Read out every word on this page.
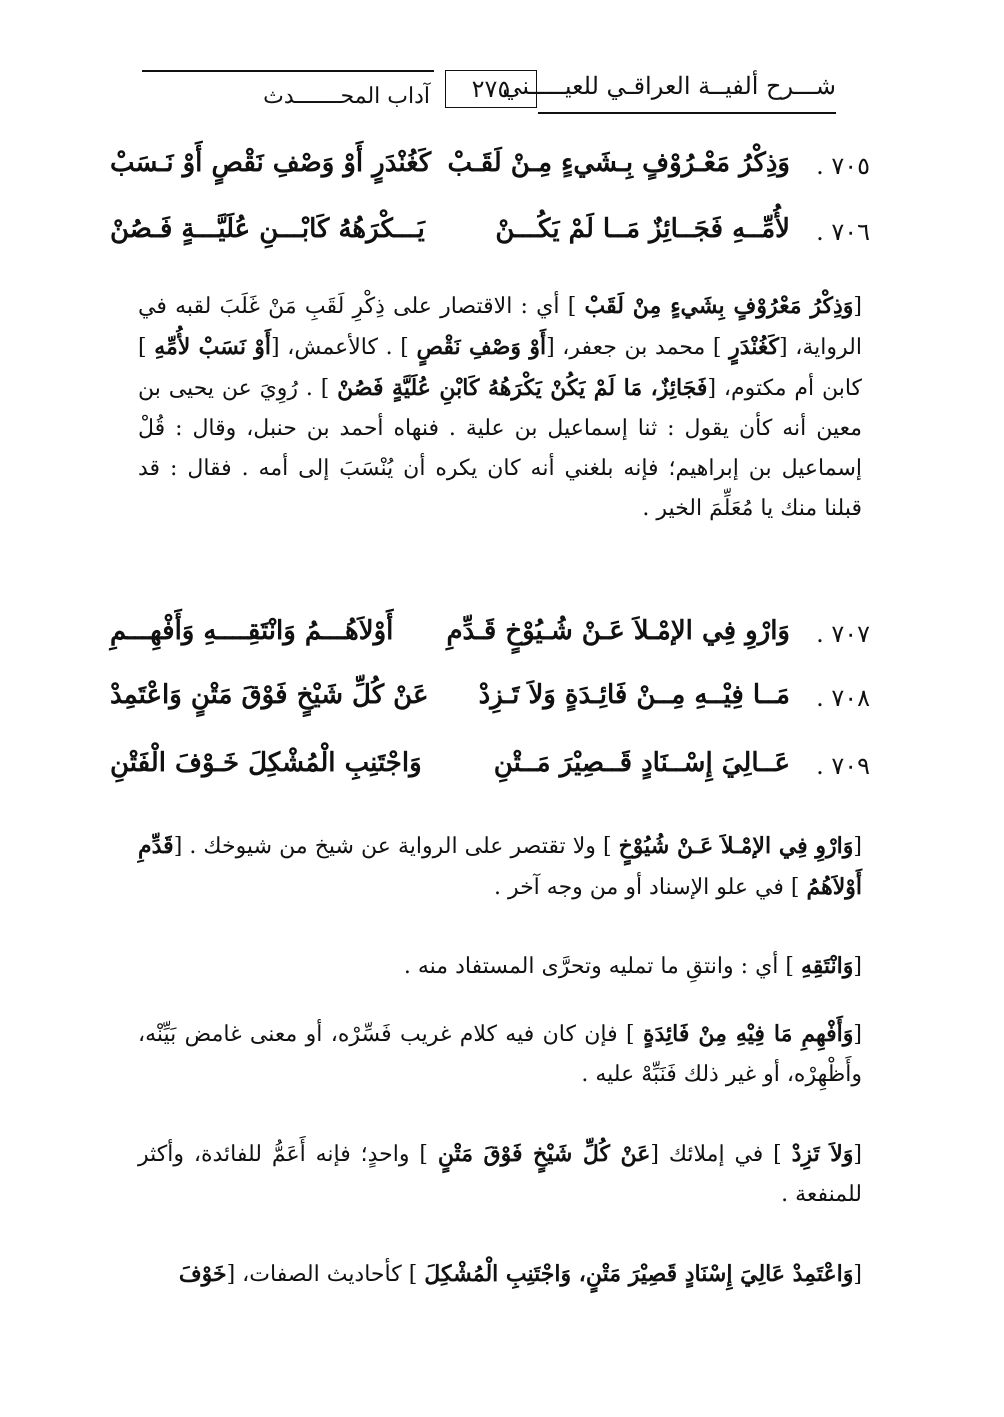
شـــرح ألفيــة العراقـي للعيـــــني
٢٧٥
آداب المحـــــــدث
٧٠٥ .
وَذِكْرُ مَعْـرُوْفٍ بِـشَيءٍ مِـنْ لَقَـبْ
كَغُنْدَرٍ أَوْ وَصْفِ نَقْصٍ أَوْ نَـسَبْ
٧٠٦ .
لأُمِّــهِ فَجَــائِزٌ مَــا لَمْ يَكُـــنْ
يَـــكْرَهُهُ كَابْـــنِ عُلَيَّـــةٍ فَـصُنْ

[وَذِكْرُ مَعْرُوْفٍ بِشَيءٍ مِنْ لَقَبْ ] أي : الاقتصار على ذِكْرِ لَقَبِ مَنْ غَلَبَ لقبه في الرواية، [كَغُنْدَرٍ ] محمد بن جعفر، [أَوْ وَصْفِ نَقْصٍ ] . كالأعمش، [أَوْ نَسَبْ لأُمِّهِ ] كابن أم مكتوم، [فَجَائِزٌ، مَا لَمْ يَكُنْ يَكْرَهُهُ كَابْنِ عُلَيَّةٍ فَصُنْ ] . رُوِيَ عن يحيى بن معين أنه كأن يقول : ثنا إسماعيل بن علية . فنهاه أحمد بن حنبل، وقال : قُلْ إسماعيل بن إبراهيم؛ فإنه بلغني أنه كان يكره أن يُنْسَبَ إلى أمه . فقال : قد قبلنا منك يا مُعَلِّمَ الخير .

٧٠٧ .
وَارْوِ فِي الإمْـلاَ عَـنْ شُـيُوْخٍ قَـدِّمِ
أَوْلاَهُـــمُ وَانْتَقِــــهِ وَأَفْهِـــمِ
٧٠٨ .
مَــا فِيْــهِ مِــنْ فَائِـدَةٍ وَلاَ تَـزِدْ
عَنْ كُلِّ شَيْخٍ فَوْقَ مَتْنٍ وَاعْتَمِدْ
٧٠٩ .
عَــالِيَ إِسْــنَادٍ قَــصِيْرَ مَــتْنِ
وَاجْتَنِبِ الْمُشْكِلَ خَـوْفَ الْفَتْنِ

[وَارْوِ فِي الإمْـلاَ عَـنْ شُيُوْخٍ ] ولا تقتصر على الرواية عن شيخ من شيوخك . [قَدِّمِ أَوْلاَهُمُ ] في علو الإسناد أو من وجه آخر .

[وَانْتَقِهِ ] أي : وانتقِ ما تمليه وتحرَّى المستفاد منه .

[وَأَفْهِمِ مَا فِيْهِ مِنْ فَائِدَةٍ ] فإن كان فيه كلام غريب فَسِّرْه، أو معنى غامض بَيِّنْه، وأَظْهِرْه، أو غير ذلك فَنَبِّهْ عليه .

[وَلاَ تَزِدْ ] في إملائك [عَنْ كُلِّ شَيْخٍ فَوْقَ مَتْنٍ ] واحدٍ؛ فإنه أَعَمُّ للفائدة، وأكثر للمنفعة .

[وَاعْتَمِدْ عَالِيَ إِسْنَادٍ قَصِيْرَ مَتْنٍ، وَاجْتَنِبِ الْمُشْكِلَ ] كأحاديث الصفات، [خَوْفَ
